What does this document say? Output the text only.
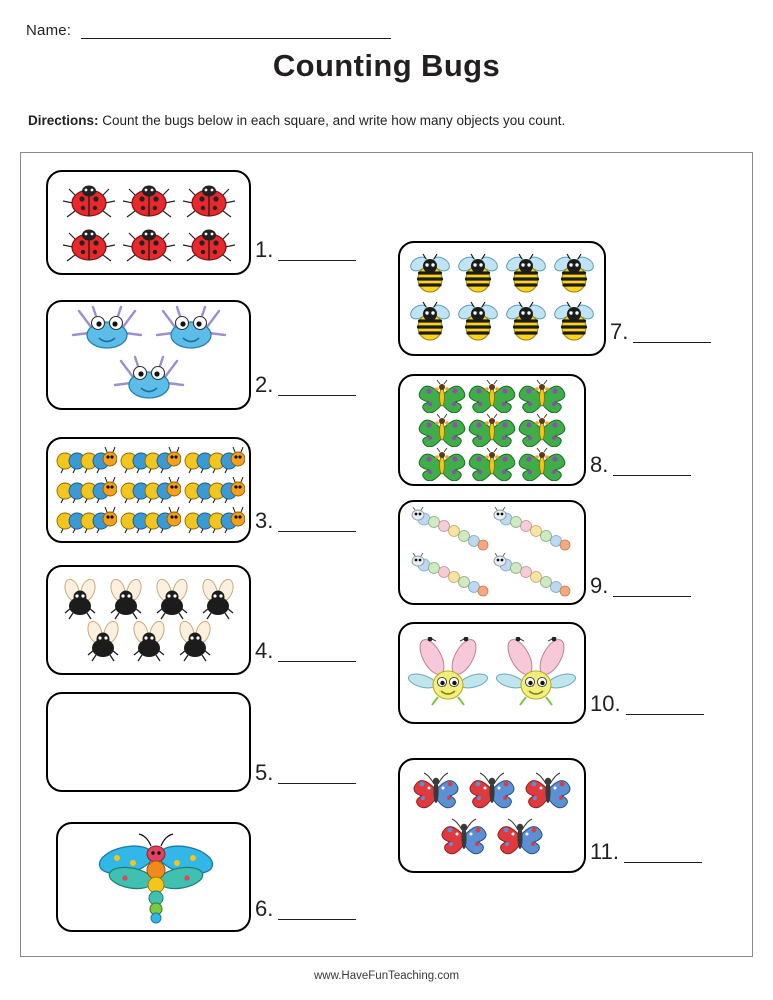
Name:
Counting Bugs
Directions: Count the bugs below in each square, and write how many objects you count.
1.
2.
3.
4.
5.
6.
7.
8.
9.
10.
11.
www.HaveFunTeaching.com
